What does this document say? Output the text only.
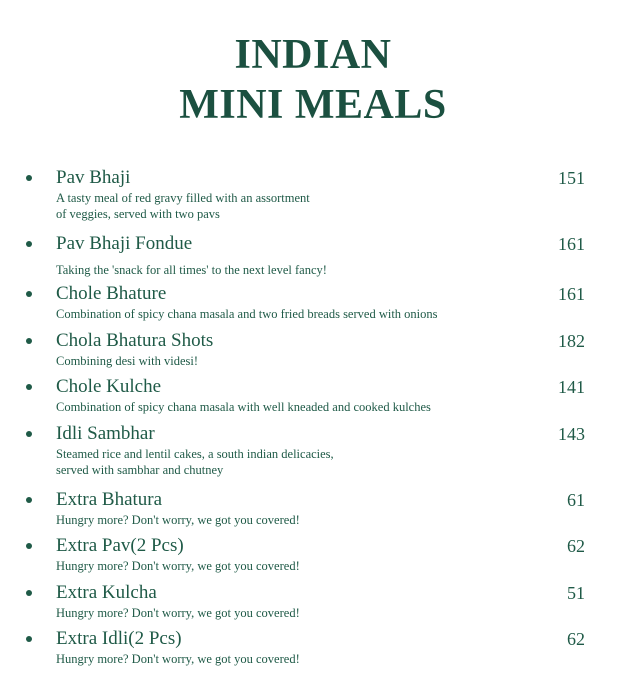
INDIAN
MINI MEALS
Pav Bhaji	151
A tasty meal of red gravy filled with an assortment
of veggies, served with two pavs
Pav Bhaji Fondue	161
Taking the 'snack for all times' to the next level fancy!
Chole Bhature	161
Combination of spicy chana masala and two fried breads served with onions
Chola Bhatura Shots	182
Combining desi with videsi!
Chole Kulche	141
Combination of spicy chana masala with well kneaded and cooked kulches
Idli Sambhar	143
Steamed rice and lentil cakes, a south indian delicacies,
served with sambhar and chutney
Extra Bhatura	61
Hungry more? Don't worry, we got you covered!
Extra Pav(2 Pcs)	62
Hungry more? Don't worry, we got you covered!
Extra Kulcha	51
Hungry more? Don't worry, we got you covered!
Extra Idli(2 Pcs)	62
Hungry more? Don't worry, we got you covered!
